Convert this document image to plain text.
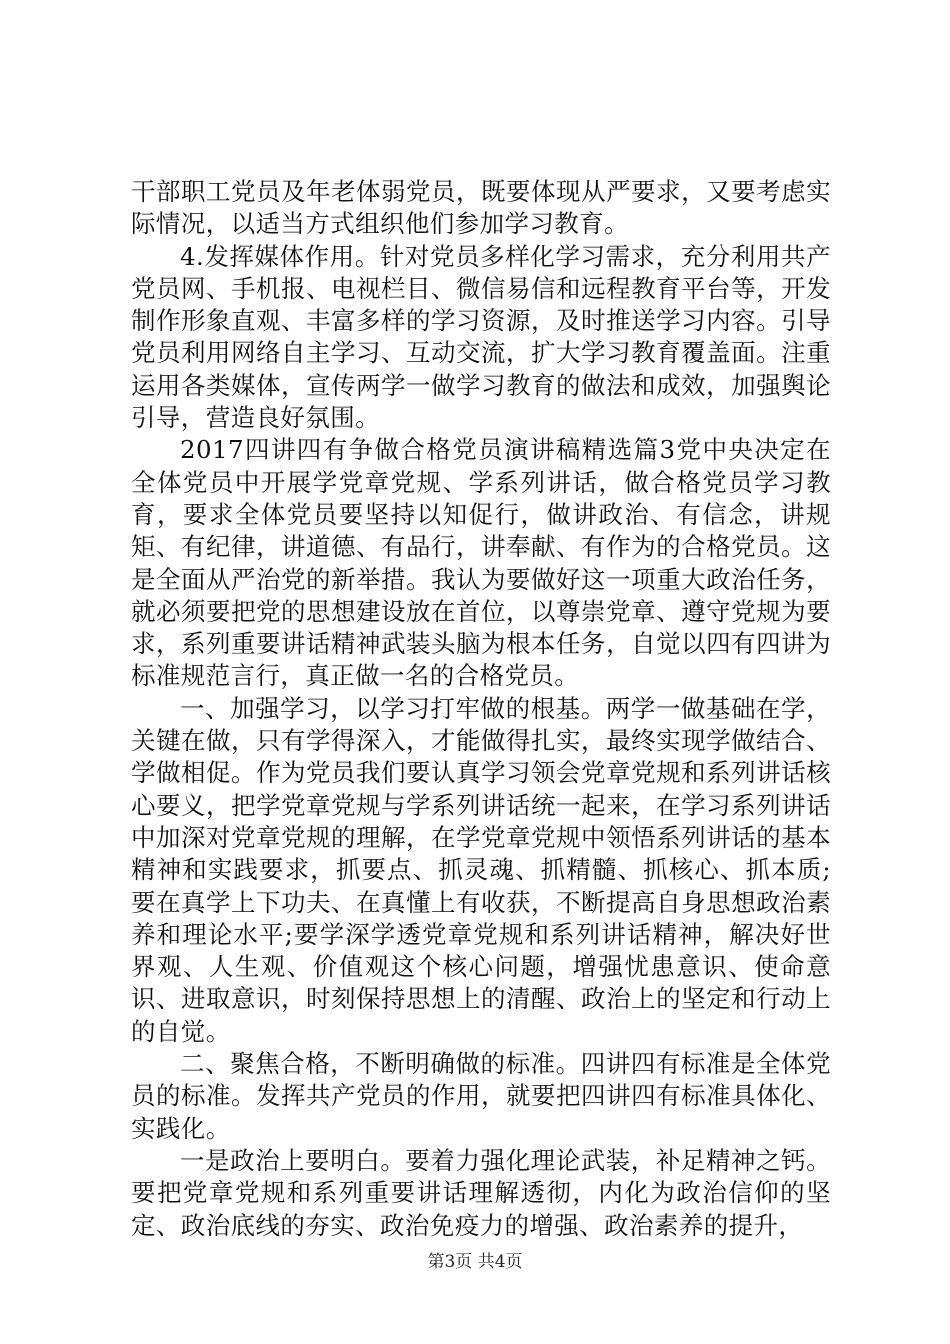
干部职工党员及年老体弱党员，既要体现从严要求，又要考虑实际情况，以适当方式组织他们参加学习教育。

4.发挥媒体作用。针对党员多样化学习需求，充分利用共产党员网、手机报、电视栏目、微信易信和远程教育平台等，开发制作形象直观、丰富多样的学习资源，及时推送学习内容。引导党员利用网络自主学习、互动交流，扩大学习教育覆盖面。注重运用各类媒体，宣传两学一做学习教育的做法和成效，加强舆论引导，营造良好氛围。

2017四讲四有争做合格党员演讲稿精选篇3党中央决定在全体党员中开展学党章党规、学系列讲话，做合格党员学习教育，要求全体党员要坚持以知促行，做讲政治、有信念，讲规矩、有纪律，讲道德、有品行，讲奉献、有作为的合格党员。这是全面从严治党的新举措。我认为要做好这一项重大政治任务，就必须要把党的思想建设放在首位，以尊崇党章、遵守党规为要求，系列重要讲话精神武装头脑为根本任务，自觉以四有四讲为标准规范言行，真正做一名的合格党员。

一、加强学习，以学习打牢做的根基。两学一做基础在学，关键在做，只有学得深入，才能做得扎实，最终实现学做结合、学做相促。作为党员我们要认真学习领会党章党规和系列讲话核心要义，把学党章党规与学系列讲话统一起来，在学习系列讲话中加深对党章党规的理解，在学党章党规中领悟系列讲话的基本精神和实践要求，抓要点、抓灵魂、抓精髓、抓核心、抓本质;要在真学上下功夫、在真懂上有收获，不断提高自身思想政治素养和理论水平;要学深学透党章党规和系列讲话精神，解决好世界观、人生观、价值观这个核心问题，增强忧患意识、使命意识、进取意识，时刻保持思想上的清醒、政治上的坚定和行动上的自觉。

二、聚焦合格，不断明确做的标准。四讲四有标准是全体党员的标准。发挥共产党员的作用，就要把四讲四有标准具体化、实践化。

一是政治上要明白。要着力强化理论武装，补足精神之钙。要把党章党规和系列重要讲话理解透彻，内化为政治信仰的坚定、政治底线的夯实、政治免疫力的增强、政治素养的提升，

第3页 共4页
